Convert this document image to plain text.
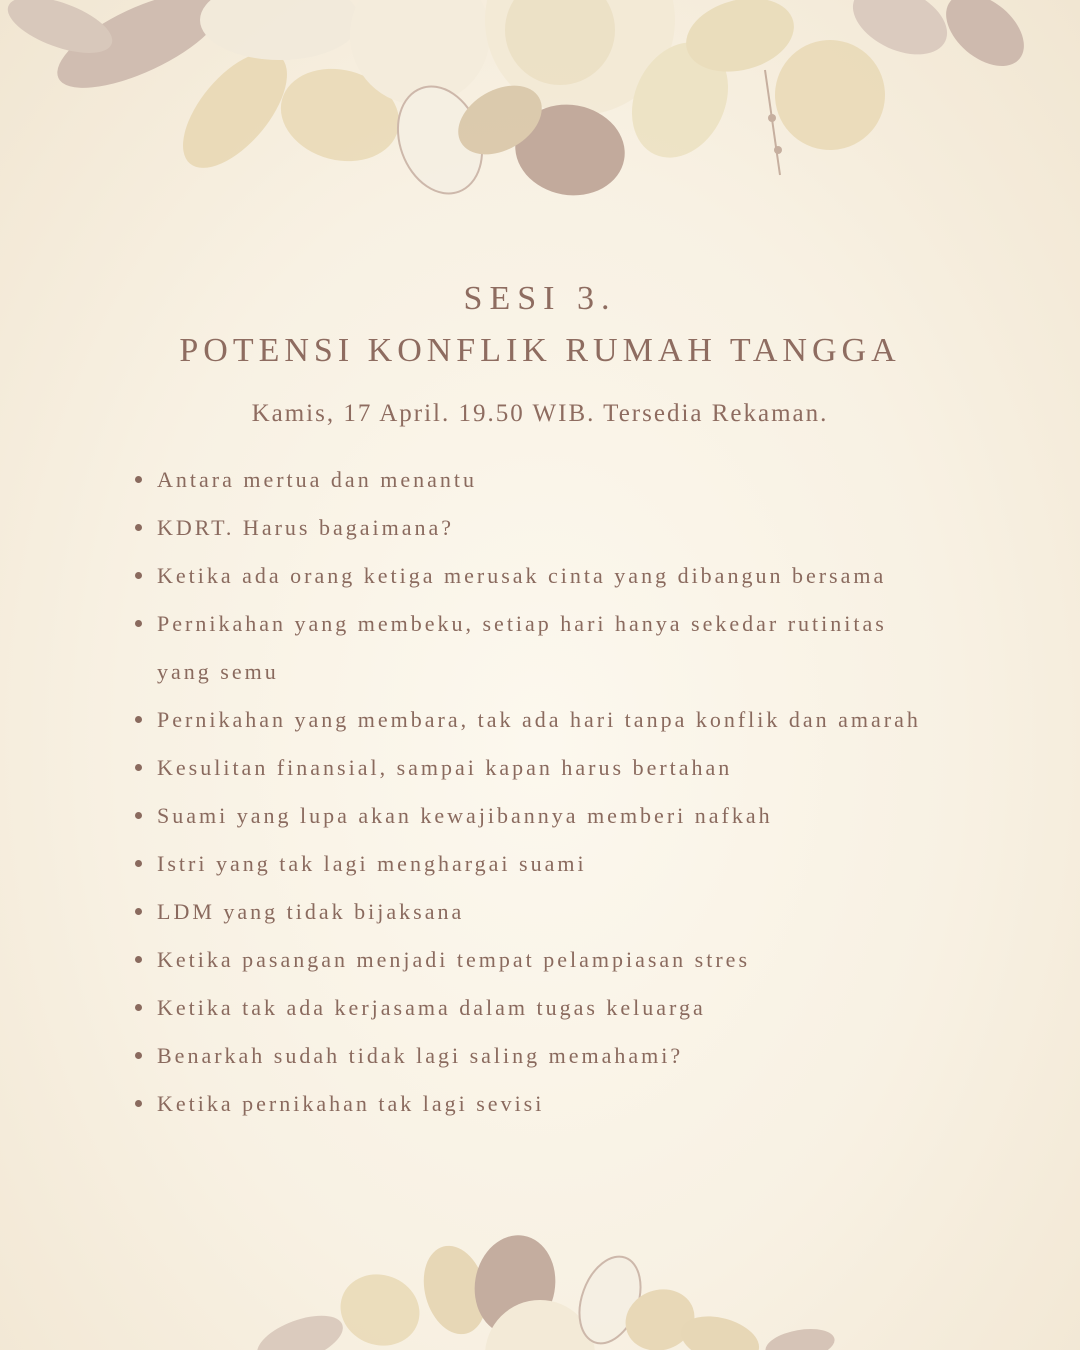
SESI 3.
POTENSI KONFLIK RUMAH TANGGA
Kamis, 17 April. 19.50 WIB. Tersedia Rekaman.
Antara mertua dan menantu
KDRT. Harus bagaimana?
Ketika ada orang ketiga merusak cinta yang dibangun bersama
Pernikahan yang membeku, setiap hari hanya sekedar rutinitas yang semu
Pernikahan yang membara, tak ada hari tanpa konflik dan amarah
Kesulitan finansial, sampai kapan harus bertahan
Suami yang lupa akan kewajibannya memberi nafkah
Istri yang tak lagi menghargai suami
LDM yang tidak bijaksana
Ketika pasangan menjadi tempat pelampiasan stres
Ketika tak ada kerjasama dalam tugas keluarga
Benarkah sudah tidak lagi saling memahami?
Ketika pernikahan tak lagi sevisi
